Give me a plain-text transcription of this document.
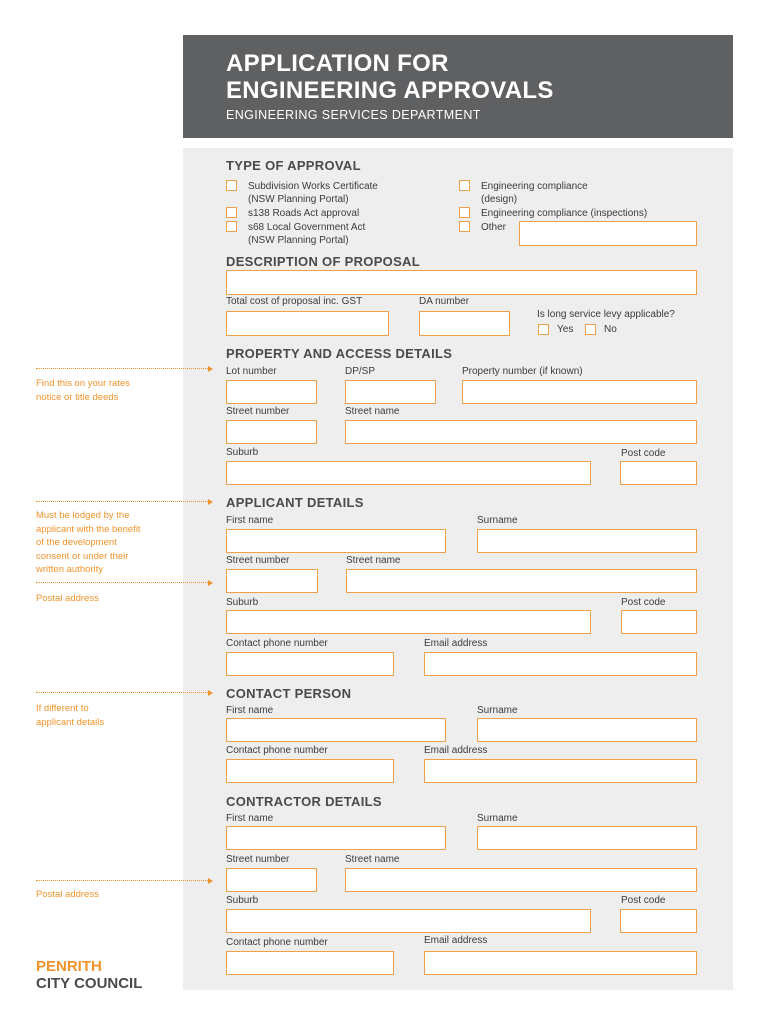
APPLICATION FOR
ENGINEERING APPROVALS
ENGINEERING SERVICES DEPARTMENT
TYPE OF APPROVAL
Subdivision Works Certificate
(NSW Planning Portal)
s138 Roads Act approval
s68 Local Government Act
(NSW Planning Portal)
Engineering compliance
(design)
Engineering compliance (inspections)
Other
DESCRIPTION OF PROPOSAL
Total cost of proposal inc. GST	DA number
Is long service levy applicable?
Yes	No
PROPERTY AND ACCESS DETAILS
Lot number	DP/SP	Property number (if known)
Street number	Street name
Suburb	Post code
APPLICANT DETAILS
First name	Surname
Street number	Street name
Suburb	Post code
Contact phone number	Email address
CONTACT PERSON
First name	Surname
Contact phone number	Email address
CONTRACTOR DETAILS
First name	Surname
Street number	Street name
Suburb	Post code
Contact phone number	Email address
Find this on your rates
notice or title deeds
Must be lodged by the
applicant with the benefit
of the development
consent or under their
written authority
Postal address
If different to
applicant details
Postal address
PENRITH
CITY COUNCIL
